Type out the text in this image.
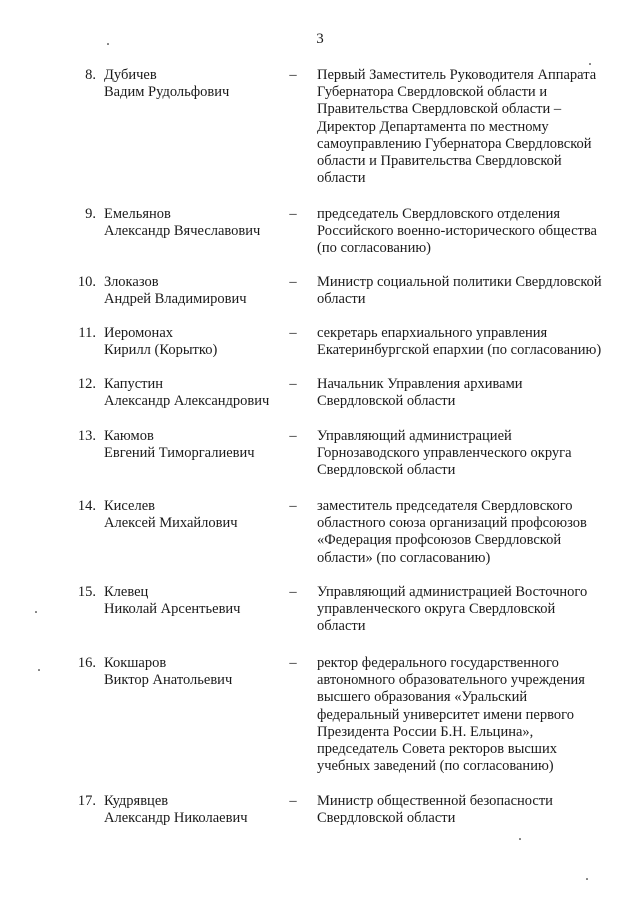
3
8. Дубичев
Вадим Рудольфович
– Первый Заместитель Руководителя Аппарата
Губернатора Свердловской области и
Правительства Свердловской области –
Директор Департамента по местному
самоуправлению Губернатора Свердловской
области и Правительства Свердловской
области
9. Емельянов
Александр Вячеславович
– председатель Свердловского отделения
Российского военно-исторического общества
(по согласованию)
10. Злоказов
Андрей Владимирович
– Министр социальной политики Свердловской
области
11. Иеромонах
Кирилл (Корытко)
– секретарь епархиального управления
Екатеринбургской епархии (по согласованию)
12. Капустин
Александр Александрович
– Начальник Управления архивами
Свердловской области
13. Каюмов
Евгений Тиморгалиевич
– Управляющий администрацией
Горнозаводского управленческого округа
Свердловской области
14. Киселев
Алексей Михайлович
– заместитель председателя Свердловского
областного союза организаций профсоюзов
«Федерация профсоюзов Свердловской
области» (по согласованию)
15. Клевец
Николай Арсентьевич
– Управляющий администрацией Восточного
управленческого округа Свердловской
области
16. Кокшаров
Виктор Анатольевич
– ректор федерального государственного
автономного образовательного учреждения
высшего образования «Уральский
федеральный университет имени первого
Президента России Б.Н. Ельцина»,
председатель Совета ректоров высших
учебных заведений (по согласованию)
17. Кудрявцев
Александр Николаевич
– Министр общественной безопасности
Свердловской области
